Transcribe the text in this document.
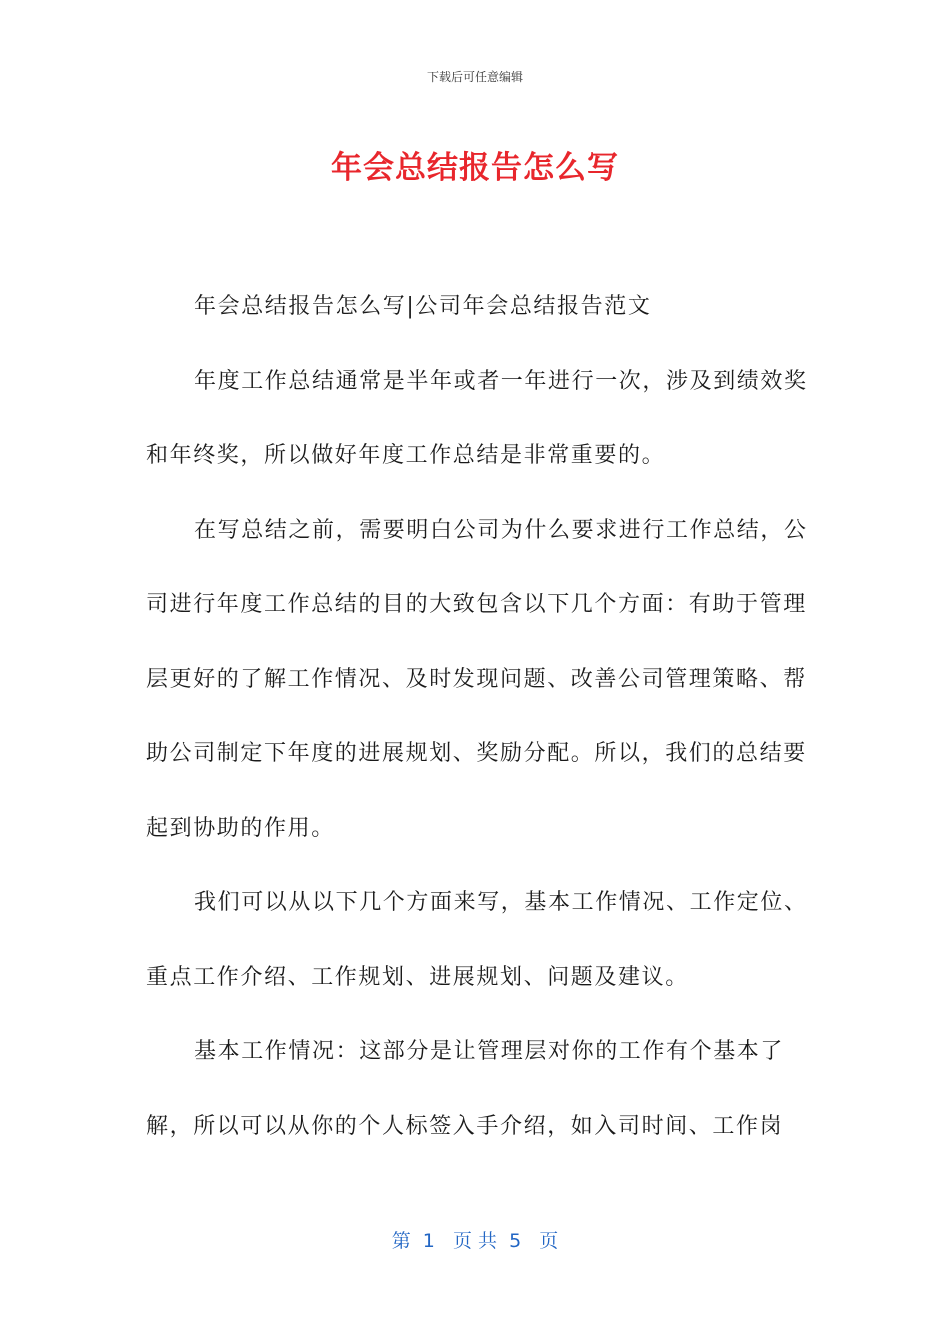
下载后可任意编辑
年会总结报告怎么写

年会总结报告怎么写|公司年会总结报告范文

年度工作总结通常是半年或者一年进行一次，涉及到绩效奖和年终奖，所以做好年度工作总结是非常重要的。

在写总结之前，需要明白公司为什么要求进行工作总结，公司进行年度工作总结的目的大致包含以下几个方面：有助于管理层更好的了解工作情况、及时发现问题、改善公司管理策略、帮助公司制定下年度的进展规划、奖励分配。所以，我们的总结要起到协助的作用。

我们可以从以下几个方面来写，基本工作情况、工作定位、重点工作介绍、工作规划、进展规划、问题及建议。

基本工作情况：这部分是让管理层对你的工作有个基本了解，所以可以从你的个人标签入手介绍，如入司时间、工作岗

第  1   页 共  5   页
